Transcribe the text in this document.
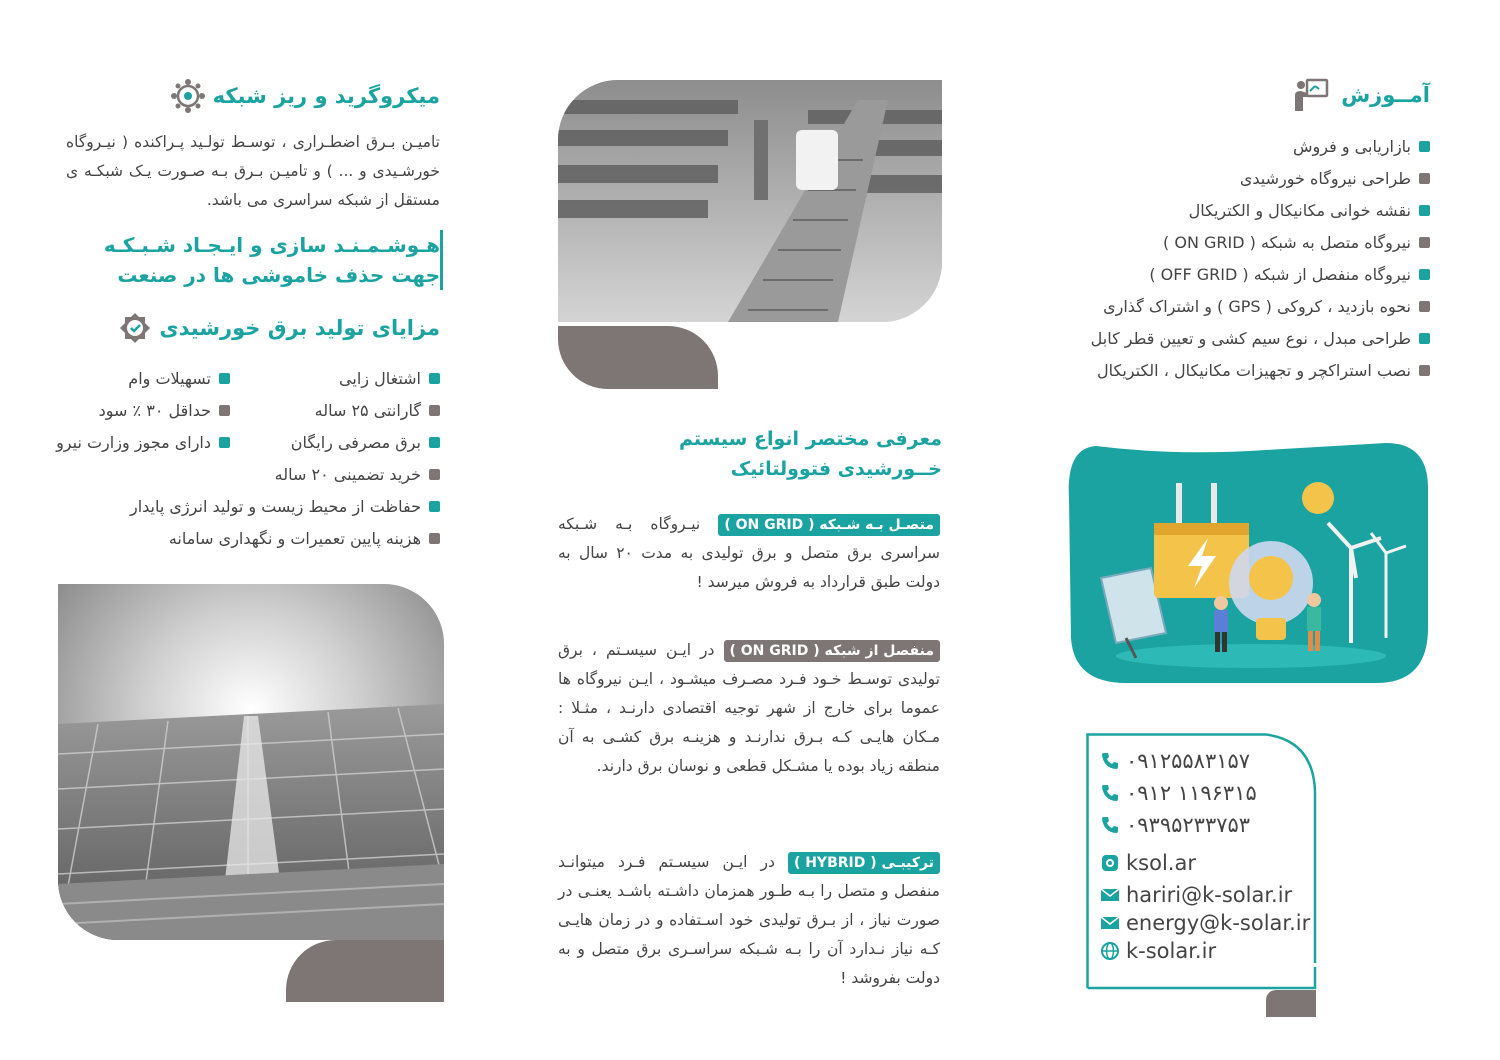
آمــوزش
بازاریابی و فروش
طراحی نیروگاه خورشیدی
نقشه خوانی مکانیکال و الکتریکال
نیروگاه متصل به شبکه ( ON GRID )
نیروگاه منفصل از شبکه ( OFF GRID )
نحوه بازدید ، کروکی ( GPS ) و اشتراک گذاری
طراحی مبدل ، نوع سیم کشی و تعیین قطر کابل
نصب استراکچر و تجهیزات مکانیکال ، الکتریکال
۰۹۱۲۵۵۸۳۱۵۷
۰۹۱۲ ۱۱۹۶۳۱۵
۰۹۳۹۵۲۳۳۷۵۳
ksol.ar
hariri@k-solar.ir
energy@k-solar.ir
k-solar.ir
معرفی مختصر انواع سیستم
خــورشیدی فتوولتائیک
متصـل بـه شـبکه ( ON GRID ) نیـروگاه بـه شـبکه سراسری برق متصل و برق تولیدی به مدت ۲۰ سال به دولت طبق قرارداد به فروش میرسد !
منفصل از شبکه ( ON GRID ) در ایـن سیسـتم ، برق تولیدی توسـط خـود فـرد مصـرف میشـود ، ایـن نیروگاه ها عموما برای خارج از شهر توجیه اقتصادی دارنـد ، مثـلا : مـکان هایـی کـه بـرق ندارنـد و هزینـه برق کشـی به آن منطقه زیاد بوده یا مشـکل قطعی و نوسان برق دارند.
ترکیبـی ( HYBRID ) در ایـن سیسـتم فـرد میتوانـد منفصل و متصل را بـه طـور همزمان داشـته باشـد یعنـی در صورت نیاز ، از بـرق تولیدی خود اسـتفاده و در زمان هایـی کـه نیاز نـدارد آن را بـه شـبکه سراسـری برق متصل و به دولت بفروشد !
میکروگرید و ریز شبکه
تامیـن بـرق اضطـراری ، توسـط تولـید پـراکنده ( نیـروگاه خورشـیدی و ... ) و تامیـن بـرق بـه صـورت یـک شبکـه ی مستقل از شبکه سراسری می باشد.
هـوشـمـنـد سازی و ایـجـاد شـبـکـه
جهت حذف خاموشی ها در صنعت
مزایای تولید برق خورشیدی
اشتغال زایی
گارانتی ۲۵ ساله
برق مصرفی رایگان
تسهیلات وام
حداقل ۳۰ ٪ سود
دارای مجوز وزارت نیرو
خرید تضمینی ۲۰ ساله
حفاظت از محیط زیست و تولید انرژی پایدار
هزینه پایین تعمیرات و نگهداری سامانه
